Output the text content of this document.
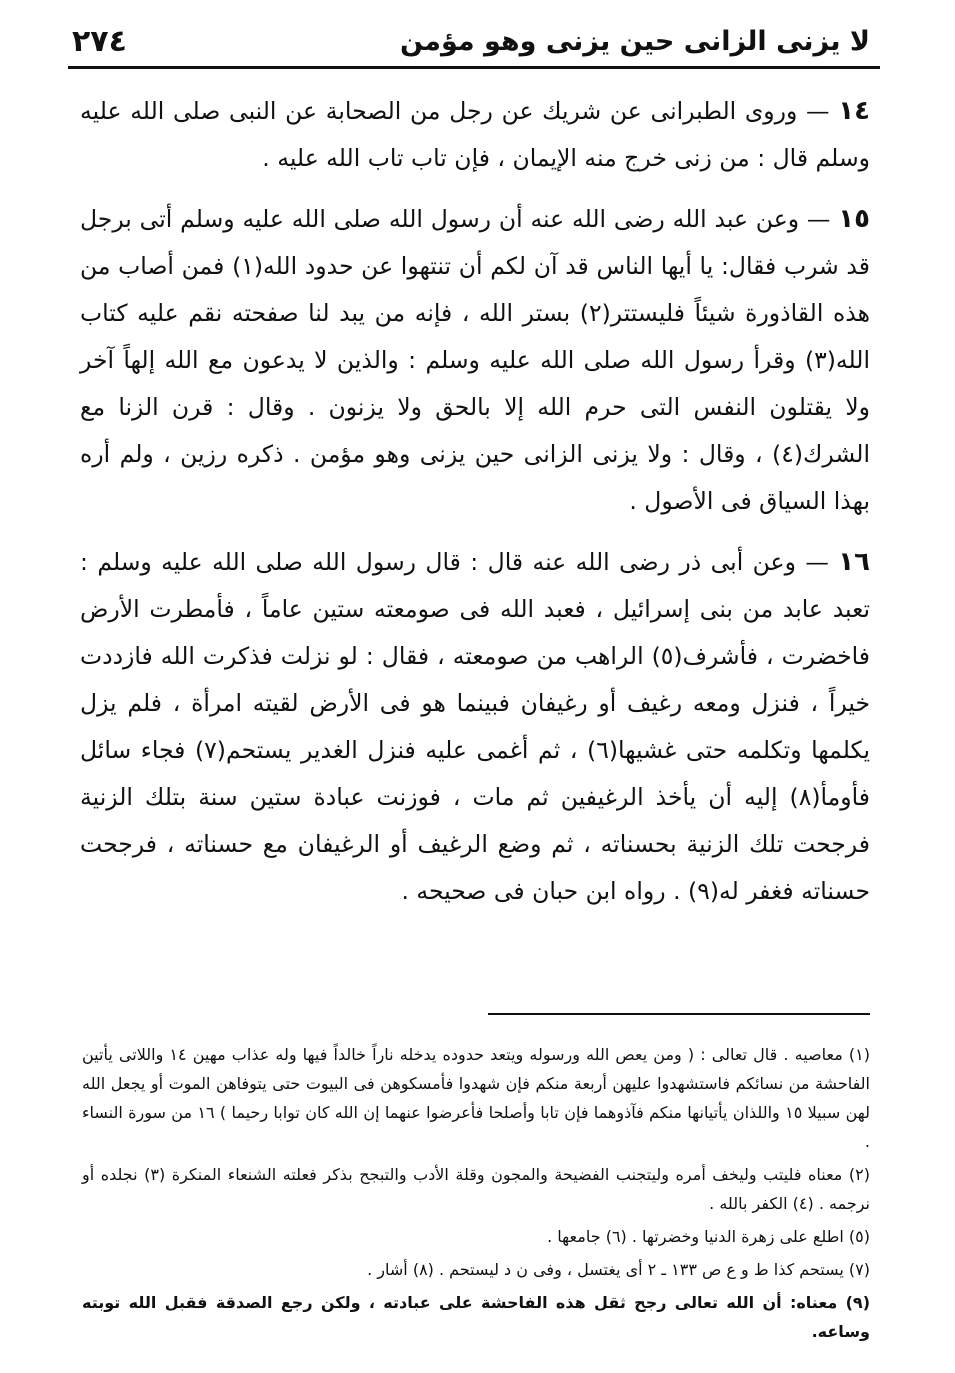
لا يزنى الزانى حين يزنى وهو مؤمن
٢٧٤

١٤ — وروى الطبرانى عن شريك عن رجل من الصحابة عن النبى صلى الله عليه وسلم قال : من زنى خرج منه الإيمان ، فإن تاب تاب الله عليه .

١٥ — وعن عبد الله رضى الله عنه أن رسول الله صلى الله عليه وسلم أتى برجل قد شرب فقال: يا أيها الناس قد آن لكم أن تنتهوا عن حدود الله(١) فمن أصاب من هذه القاذورة شيئاً فليستتر(٢) بستر الله ، فإنه من يبد لنا صفحته نقم عليه كتاب الله(٣) وقرأ رسول الله صلى الله عليه وسلم : والذين لا يدعون مع الله إلهاً آخر ولا يقتلون النفس التى حرم الله إلا بالحق ولا يزنون . وقال : قرن الزنا مع الشرك(٤) ، وقال : ولا يزنى الزانى حين يزنى وهو مؤمن . ذكره رزين ، ولم أره بهذا السياق فى الأصول .

١٦ — وعن أبى ذر رضى الله عنه قال : قال رسول الله صلى الله عليه وسلم : تعبد عابد من بنى إسرائيل ، فعبد الله فى صومعته ستين عاماً ، فأمطرت الأرض فاخضرت ، فأشرف(٥) الراهب من صومعته ، فقال : لو نزلت فذكرت الله فازددت خيراً ، فنزل ومعه رغيف أو رغيفان فبينما هو فى الأرض لقيته امرأة ، فلم يزل يكلمها وتكلمه حتى غشيها(٦) ، ثم أغمى عليه فنزل الغدير يستحم(٧) فجاء سائل فأومأ(٨) إليه أن يأخذ الرغيفين ثم مات ، فوزنت عبادة ستين سنة بتلك الزنية فرجحت تلك الزنية بحسناته ، ثم وضع الرغيف أو الرغيفان مع حسناته ، فرجحت حسناته فغفر له(٩) . رواه ابن حبان فى صحيحه .

(١) معاصيه . قال تعالى : ( ومن يعص الله ورسوله ويتعد حدوده يدخله ناراً خالداً فيها وله عذاب مهين ١٤ واللاتى يأتين الفاحشة من نسائكم فاستشهدوا عليهن أربعة منكم فإن شهدوا فأمسكوهن فى البيوت حتى يتوفاهن الموت أو يجعل الله لهن سبيلا ١٥ واللذان يأتيانها منكم فآذوهما فإن تابا وأصلحا فأعرضوا عنهما إن الله كان توابا رحيما ) ١٦ من سورة النساء .

(٢) معناه فليتب وليخف أمره وليتجنب الفضيحة والمجون وقلة الأدب والتبجح بذكر فعلته الشنعاء المنكرة (٣) نجلده أو نرجمه . (٤) الكفر بالله .

(٥) اطلع على زهرة الدنيا وخضرتها . (٦) جامعها .

(٧) يستحم كذا ط و ع ص ١٣٣ ـ ٢ أى يغتسل ، وفى ن د ليستحم . (٨) أشار .

(٩) معناه: أن الله تعالى رجح ثقل هذه الفاحشة على عبادته ، ولكن رجع الصدقة فقبل الله توبته وساعه.
